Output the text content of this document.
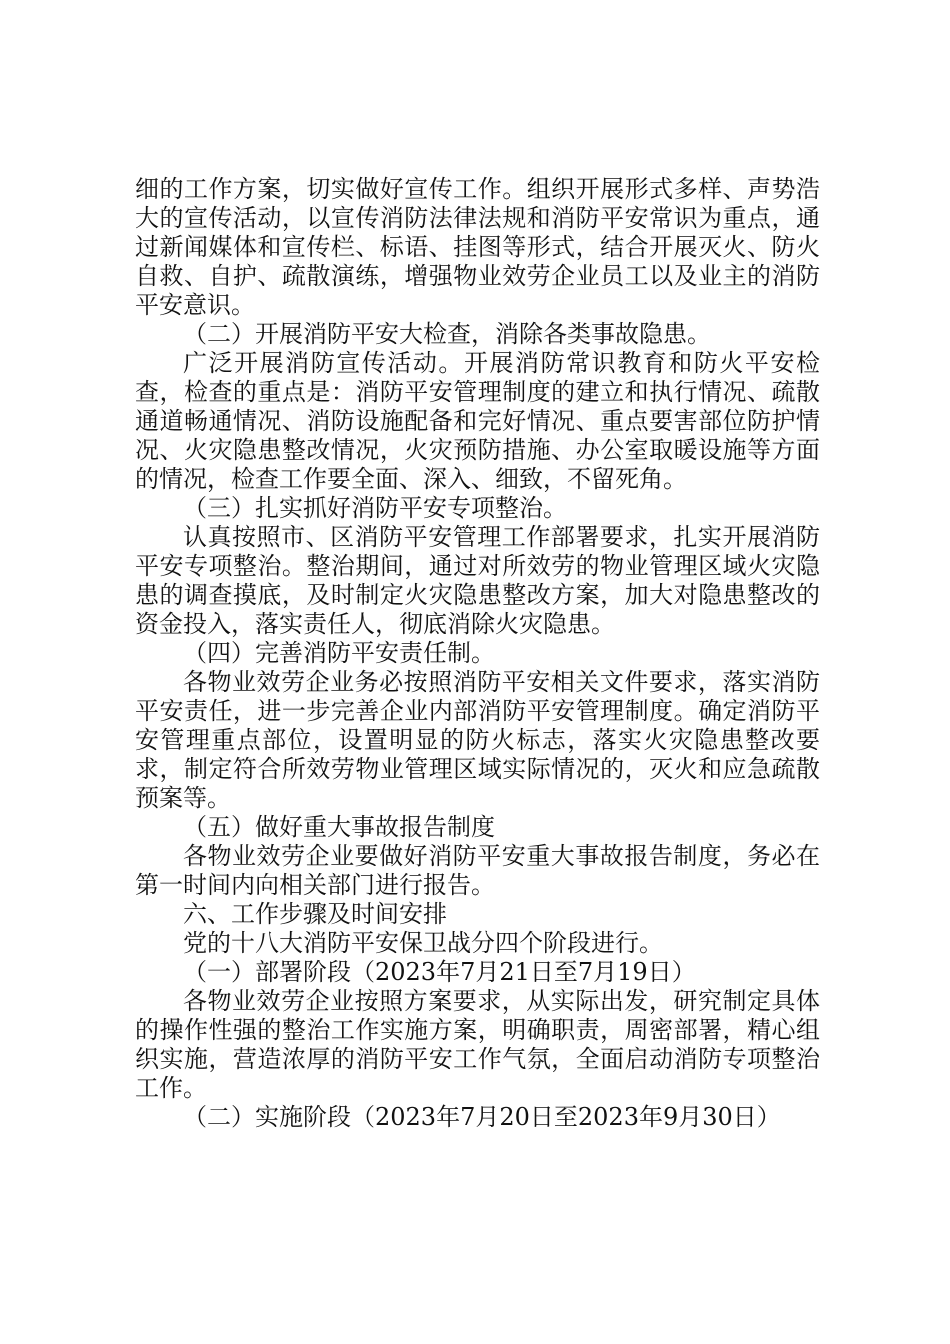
细的工作方案，切实做好宣传工作。组织开展形式多样、声势浩大的宣传活动，以宣传消防法律法规和消防平安常识为重点，通过新闻媒体和宣传栏、标语、挂图等形式，结合开展灭火、防火自救、自护、疏散演练，增强物业效劳企业员工以及业主的消防平安意识。

（二）开展消防平安大检查，消除各类事故隐患。

广泛开展消防宣传活动。开展消防常识教育和防火平安检查，检查的重点是：消防平安管理制度的建立和执行情况、疏散通道畅通情况、消防设施配备和完好情况、重点要害部位防护情况、火灾隐患整改情况，火灾预防措施、办公室取暖设施等方面的情况，检查工作要全面、深入、细致，不留死角。

（三）扎实抓好消防平安专项整治。

认真按照市、区消防平安管理工作部署要求，扎实开展消防平安专项整治。整治期间，通过对所效劳的物业管理区域火灾隐患的调查摸底，及时制定火灾隐患整改方案，加大对隐患整改的资金投入，落实责任人，彻底消除火灾隐患。

（四）完善消防平安责任制。

各物业效劳企业务必按照消防平安相关文件要求，落实消防平安责任，进一步完善企业内部消防平安管理制度。确定消防平安管理重点部位，设置明显的防火标志，落实火灾隐患整改要求，制定符合所效劳物业管理区域实际情况的，灭火和应急疏散预案等。

（五）做好重大事故报告制度

各物业效劳企业要做好消防平安重大事故报告制度，务必在第一时间内向相关部门进行报告。

六、工作步骤及时间安排

党的十八大消防平安保卫战分四个阶段进行。

（一）部署阶段（2023年7月21日至7月19日）

各物业效劳企业按照方案要求，从实际出发，研究制定具体的操作性强的整治工作实施方案，明确职责，周密部署，精心组织实施，营造浓厚的消防平安工作气氛，全面启动消防专项整治工作。

（二）实施阶段（2023年7月20日至2023年9月30日）
